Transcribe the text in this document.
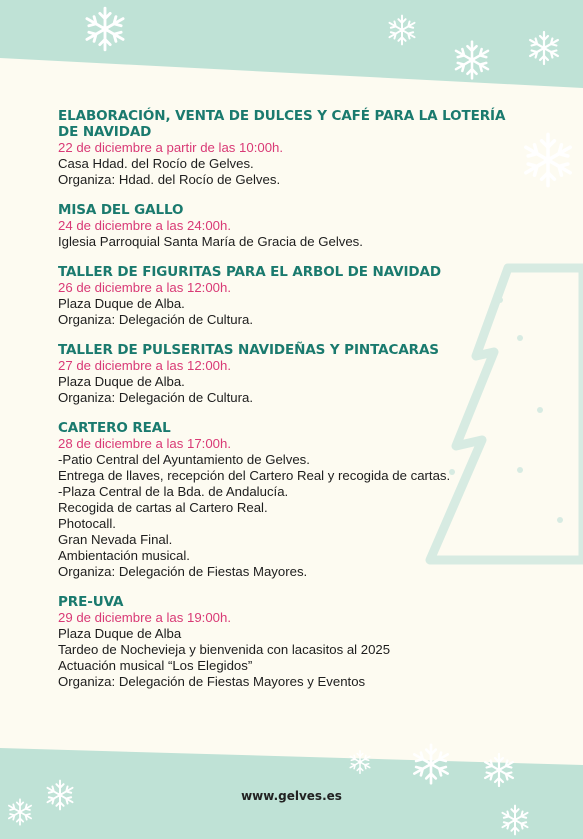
ELABORACIÓN, VENTA DE DULCES Y CAFÉ PARA LA LOTERÍA DE NAVIDAD
22 de diciembre a partir de las 10:00h.
Casa Hdad. del Rocío de Gelves.
Organiza: Hdad. del Rocío de Gelves.
MISA DEL GALLO
24 de diciembre a las 24:00h.
Iglesia Parroquial Santa María de Gracia de Gelves.
TALLER DE FIGURITAS PARA EL ARBOL DE NAVIDAD
26 de diciembre a las 12:00h.
Plaza Duque de Alba.
Organiza: Delegación de Cultura.
TALLER DE PULSERITAS NAVIDEÑAS Y PINTACARAS
27 de diciembre a las 12:00h.
Plaza Duque de Alba.
Organiza: Delegación de Cultura.
CARTERO REAL
28 de diciembre a las 17:00h.
-Patio Central del Ayuntamiento de Gelves.
Entrega de llaves, recepción del Cartero Real y recogida de cartas.
-Plaza Central de la Bda. de Andalucía.
Recogida de cartas al Cartero Real.
Photocall.
Gran Nevada Final.
Ambientación musical.
Organiza: Delegación de Fiestas Mayores.
PRE-UVA
29 de diciembre a las 19:00h.
Plaza Duque de Alba
Tardeo de Nochevieja y bienvenida con lacasitos al 2025
Actuación musical “Los Elegidos”
Organiza: Delegación de Fiestas Mayores y Eventos
www.gelves.es
